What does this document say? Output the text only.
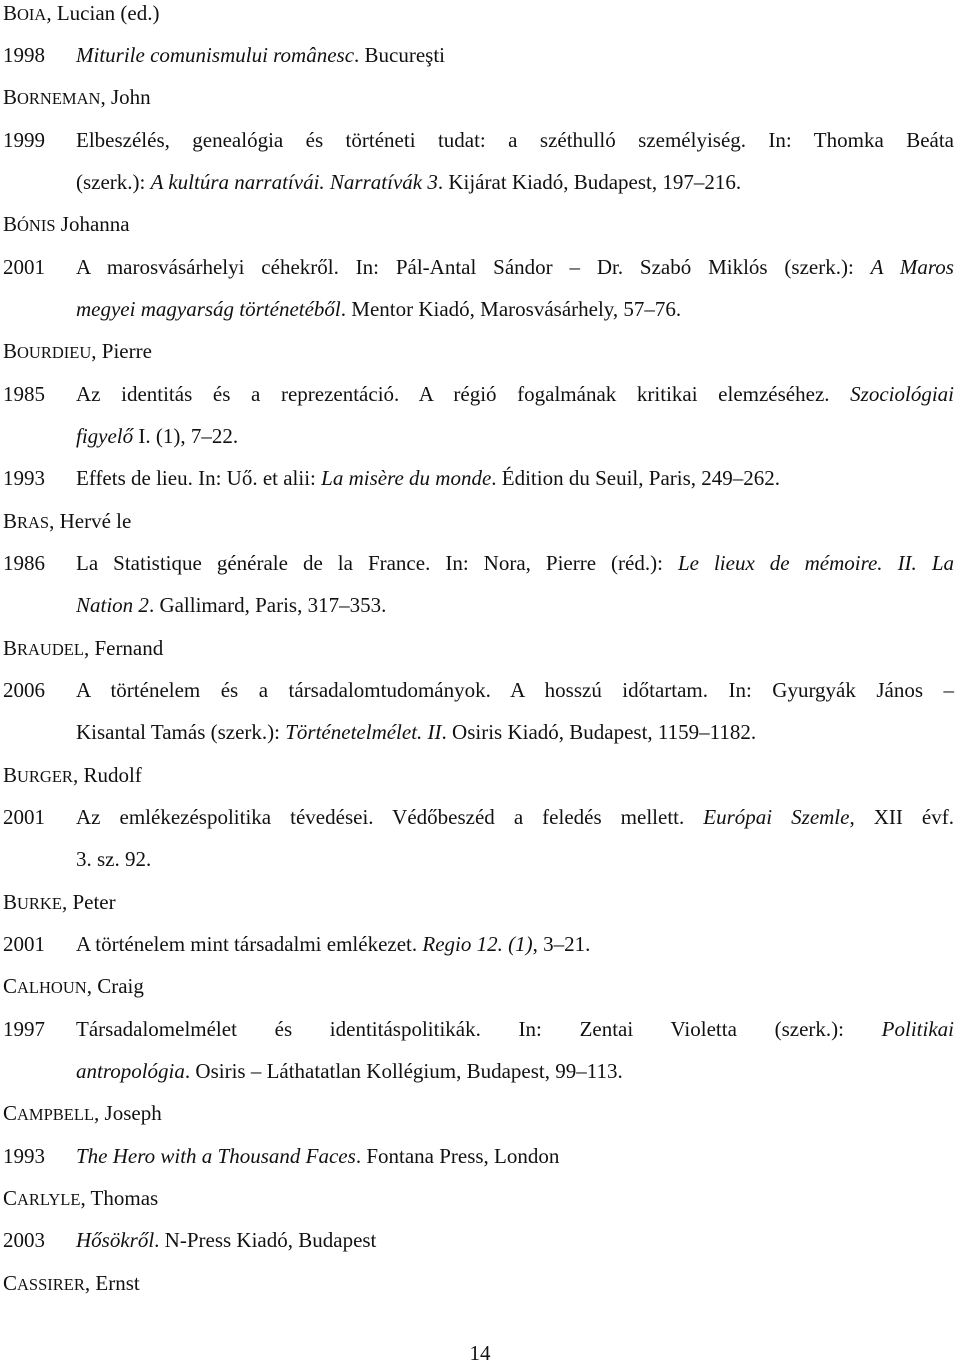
BOIA, Lucian (ed.)
1998 Miturile comunismului românesc. Bucureşti
BORNEMAN, John
1999 Elbeszélés, genealógia és történeti tudat: a széthulló személyiség. In: Thomka Beáta
(szerk.): A kultúra narratívái. Narratívák 3. Kijárat Kiadó, Budapest, 197–216.
BÓNIS Johanna
2001 A marosvásárhelyi céhekről. In: Pál-Antal Sándor – Dr. Szabó Miklós (szerk.): A Maros
megyei magyarság történetéből. Mentor Kiadó, Marosvásárhely, 57–76.
BOURDIEU, Pierre
1985 Az identitás és a reprezentáció. A régió fogalmának kritikai elemzéséhez. Szociológiai
figyelő I. (1), 7–22.
1993 Effets de lieu. In: Uő. et alii: La misère du monde. Édition du Seuil, Paris, 249–262.
BRAS, Hervé le
1986 La Statistique générale de la France. In: Nora, Pierre (réd.): Le lieux de mémoire. II. La
Nation 2. Gallimard, Paris, 317–353.
BRAUDEL, Fernand
2006 A történelem és a társadalomtudományok. A hosszú időtartam. In: Gyurgyák János –
Kisantal Tamás (szerk.): Történetelmélet. II. Osiris Kiadó, Budapest, 1159–1182.
BURGER, Rudolf
2001 Az emlékezéspolitika tévedései. Védőbeszéd a feledés mellett. Európai Szemle, XII évf.
3. sz. 92.
BURKE, Peter
2001 A történelem mint társadalmi emlékezet. Regio 12. (1), 3–21.
CALHOUN, Craig
1997 Társadalomelmélet és identitáspolitikák. In: Zentai Violetta (szerk.): Politikai
antropológia. Osiris – Láthatatlan Kollégium, Budapest, 99–113.
CAMPBELL, Joseph
1993 The Hero with a Thousand Faces. Fontana Press, London
CARLYLE, Thomas
2003 Hősökről. N-Press Kiadó, Budapest
CASSIRER, Ernst
14
